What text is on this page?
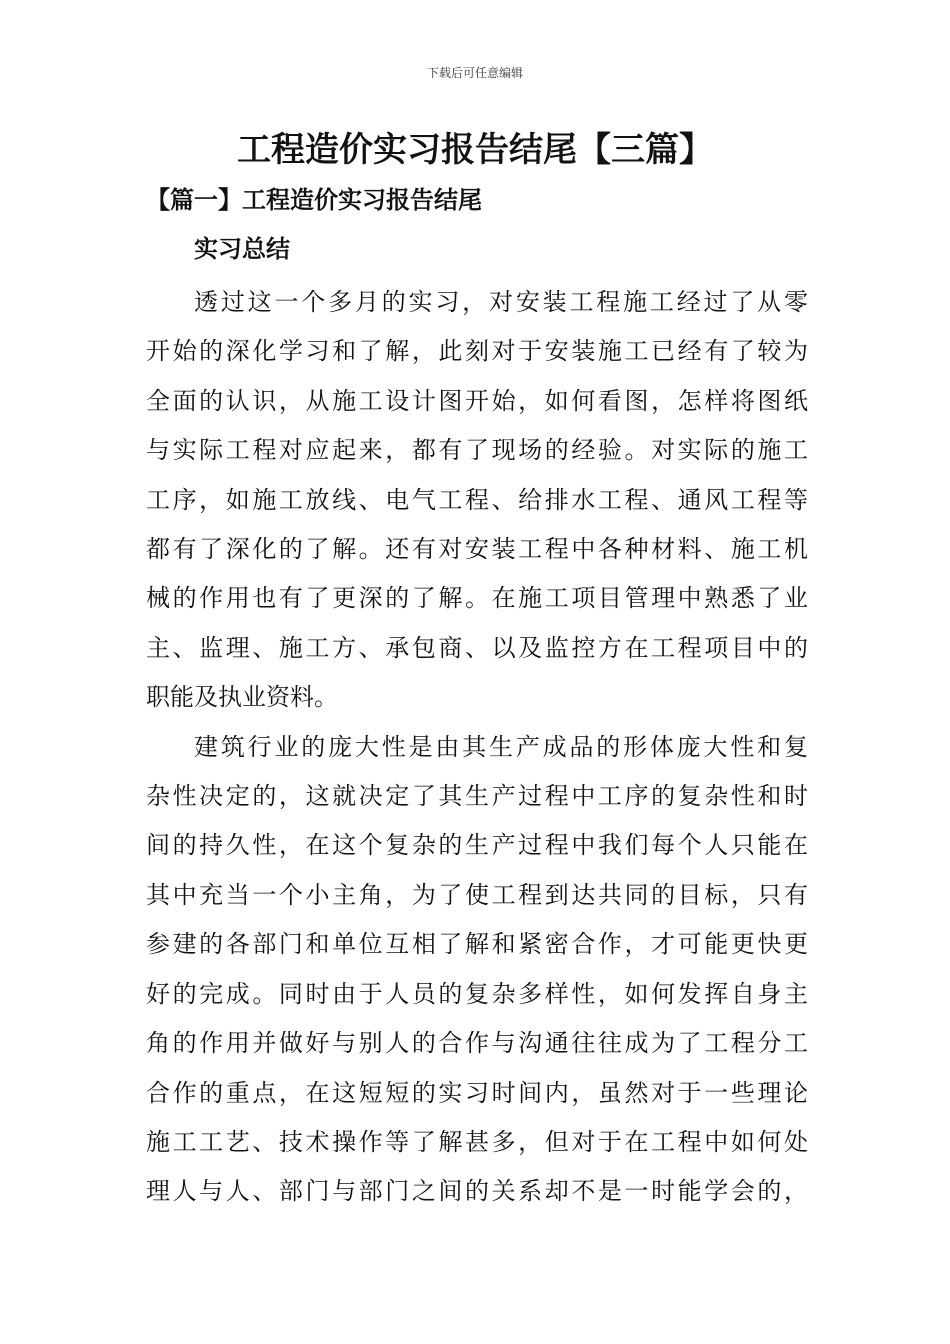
下载后可任意编辑
工程造价实习报告结尾【三篇】
【篇一】工程造价实习报告结尾
实习总结

透过这一个多月的实习，对安装工程施工经过了从零
开始的深化学习和了解，此刻对于安装施工已经有了较为
全面的认识，从施工设计图开始，如何看图，怎样将图纸
与实际工程对应起来，都有了现场的经验。对实际的施工
工序，如施工放线、电气工程、给排水工程、通风工程等
都有了深化的了解。还有对安装工程中各种材料、施工机
械的作用也有了更深的了解。在施工项目管理中熟悉了业
主、监理、施工方、承包商、以及监控方在工程项目中的
职能及执业资料。

建筑行业的庞大性是由其生产成品的形体庞大性和复
杂性决定的，这就决定了其生产过程中工序的复杂性和时
间的持久性，在这个复杂的生产过程中我们每个人只能在
其中充当一个小主角，为了使工程到达共同的目标，只有
参建的各部门和单位互相了解和紧密合作，才可能更快更
好的完成。同时由于人员的复杂多样性，如何发挥自身主
角的作用并做好与别人的合作与沟通往往成为了工程分工
合作的重点，在这短短的实习时间内，虽然对于一些理论
施工工艺、技术操作等了解甚多，但对于在工程中如何处
理人与人、部门与部门之间的关系却不是一时能学会的，
